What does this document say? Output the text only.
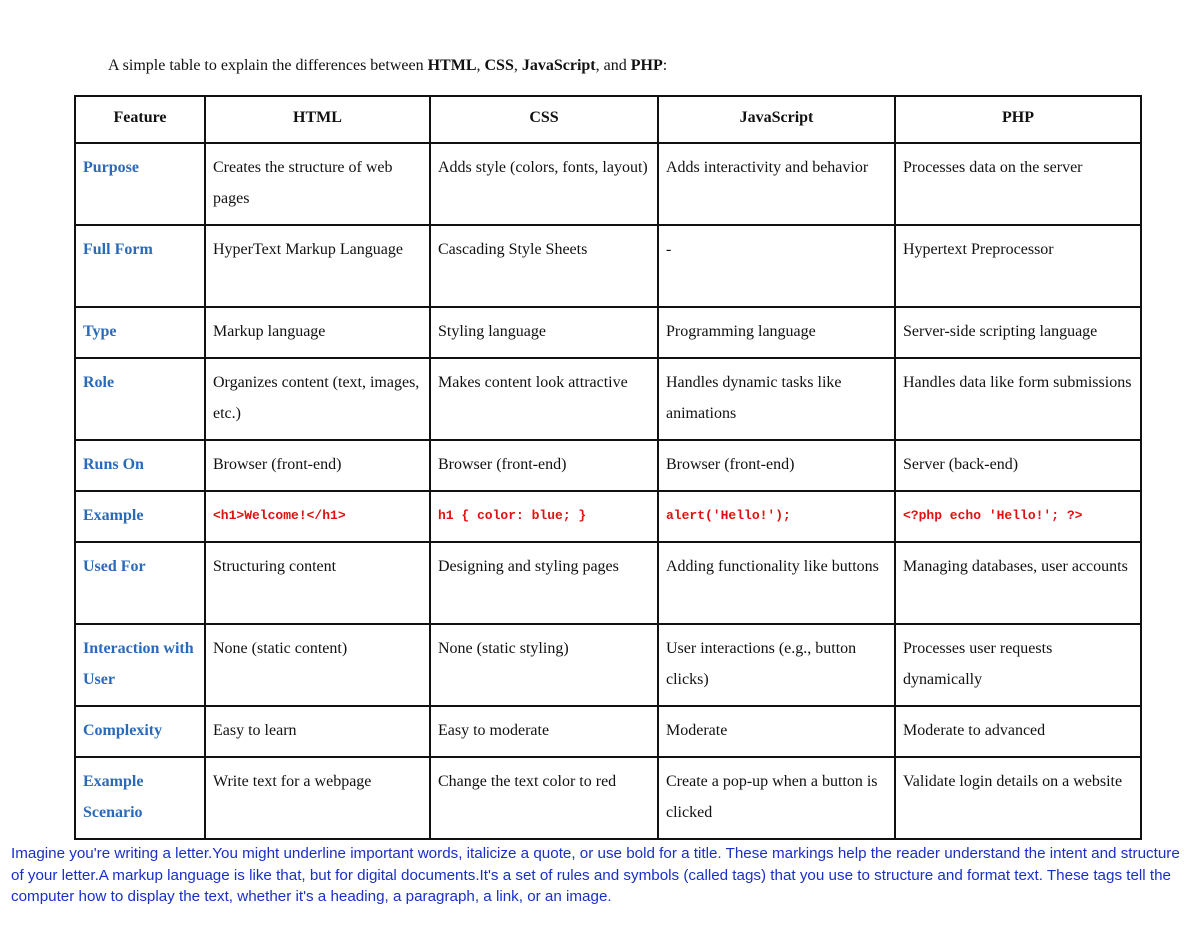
A simple table to explain the differences between HTML, CSS, JavaScript, and PHP:
Feature	HTML	CSS	JavaScript	PHP
Purpose	Creates the structure of web pages	Adds style (colors, fonts, layout)	Adds interactivity and behavior	Processes data on the server
Full Form	HyperText Markup Language	Cascading Style Sheets	-	Hypertext Preprocessor
Type	Markup language	Styling language	Programming language	Server-side scripting language
Role	Organizes content (text, images, etc.)	Makes content look attractive	Handles dynamic tasks like animations	Handles data like form submissions
Runs On	Browser (front-end)	Browser (front-end)	Browser (front-end)	Server (back-end)
Example	<h1>Welcome!</h1>	h1 { color: blue; }	alert('Hello!');	<?php echo 'Hello!'; ?>
Used For	Structuring content	Designing and styling pages	Adding functionality like buttons	Managing databases, user accounts
Interaction with User	None (static content)	None (static styling)	User interactions (e.g., button clicks)	Processes user requests dynamically
Complexity	Easy to learn	Easy to moderate	Moderate	Moderate to advanced
Example Scenario	Write text for a webpage	Change the text color to red	Create a pop-up when a button is clicked	Validate login details on a website
Imagine you're writing a letter.You might underline important words, italicize a quote, or use bold for a title. These markings help the reader understand the intent and structure of your letter.A markup language is like that, but for digital documents.It's a set of rules and symbols (called tags) that you use to structure and format text. These tags tell the computer how to display the text, whether it's a heading, a paragraph, a link, or an image.
